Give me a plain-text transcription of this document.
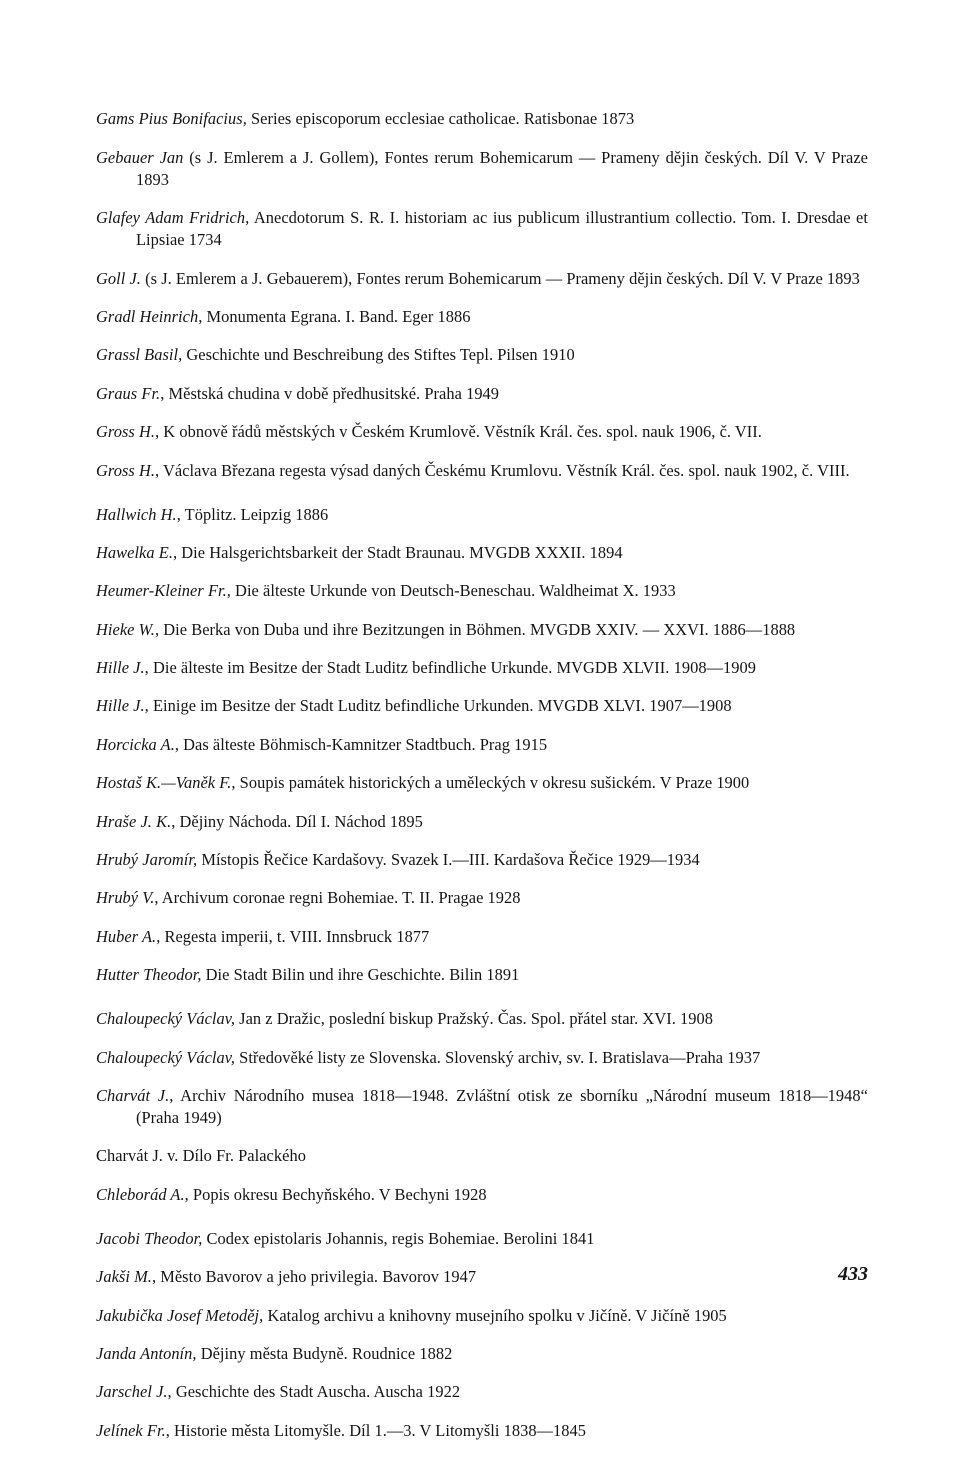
Gams Pius Bonifacius, Series episcoporum ecclesiae catholicae. Ratisbonae 1873

Gebauer Jan (s J. Emlerem a J. Gollem), Fontes rerum Bohemicarum — Prameny dějin českých. Díl V. V Praze 1893

Glafey Adam Fridrich, Anecdotorum S. R. I. historiam ac ius publicum illustrantium collectio. Tom. I. Dresdae et Lipsiae 1734

Goll J. (s J. Emlerem a J. Gebauerem), Fontes rerum Bohemicarum — Prameny dějin českých. Díl V. V Praze 1893

Gradl Heinrich, Monumenta Egrana. I. Band. Eger 1886

Grassl Basil, Geschichte und Beschreibung des Stiftes Tepl. Pilsen 1910

Graus Fr., Městská chudina v době předhusitské. Praha 1949

Gross H., K obnově řádů městských v Českém Krumlově. Věstník Král. čes. spol. nauk 1906, č. VII.

Gross H., Václava Březana regesta výsad daných Českému Krumlovu. Věstník Král. čes. spol. nauk 1902, č. VIII.

Hallwich H., Töplitz. Leipzig 1886

Hawelka E., Die Halsgerichtsbarkeit der Stadt Braunau. MVGDB XXXII. 1894

Heumer-Kleiner Fr., Die älteste Urkunde von Deutsch-Beneschau. Waldheimat X. 1933

Hieke W., Die Berka von Duba und ihre Bezitzungen in Böhmen. MVGDB XXIV. — XXVI. 1886—1888

Hille J., Die älteste im Besitze der Stadt Luditz befindliche Urkunde. MVGDB XLVII. 1908—1909

Hille J., Einige im Besitze der Stadt Luditz befindliche Urkunden. MVGDB XLVI. 1907—1908

Horcicka A., Das älteste Böhmisch-Kamnitzer Stadtbuch. Prag 1915

Hostaš K.—Vaněk F., Soupis památek historických a uměleckých v okresu sušickém. V Praze 1900

Hraše J. K., Dějiny Náchoda. Díl I. Náchod 1895

Hrubý Jaromír, Místopis Řečice Kardašovy. Svazek I.—III. Kardašova Řečice 1929—1934

Hrubý V., Archivum coronae regni Bohemiae. T. II. Pragae 1928

Huber A., Regesta imperii, t. VIII. Innsbruck 1877

Hutter Theodor, Die Stadt Bilin und ihre Geschichte. Bilin 1891

Chaloupecký Václav, Jan z Dražic, poslední biskup Pražský. Čas. Spol. přátel star. XVI. 1908

Chaloupecký Václav, Středověké listy ze Slovenska. Slovenský archiv, sv. I. Bratislava—Praha 1937

Charvát J., Archiv Národního musea 1818—1948. Zvláštní otisk ze sborníku „Národní museum 1818—1948“ (Praha 1949)

Charvát J. v. Dílo Fr. Palackého

Chleborád A., Popis okresu Bechyňského. V Bechyni 1928

Jacobi Theodor, Codex epistolaris Johannis, regis Bohemiae. Berolini 1841

Jakši M., Město Bavorov a jeho privilegia. Bavorov 1947

Jakubička Josef Metoděj, Katalog archivu a knihovny musejního spolku v Jičíně. V Jičíně 1905

Janda Antonín, Dějiny města Budyně. Roudnice 1882

Jarschel J., Geschichte des Stadt Auscha. Auscha 1922

Jelínek Fr., Historie města Litomyšle. Díl 1.—3. V Litomyšli 1838—1845

433
